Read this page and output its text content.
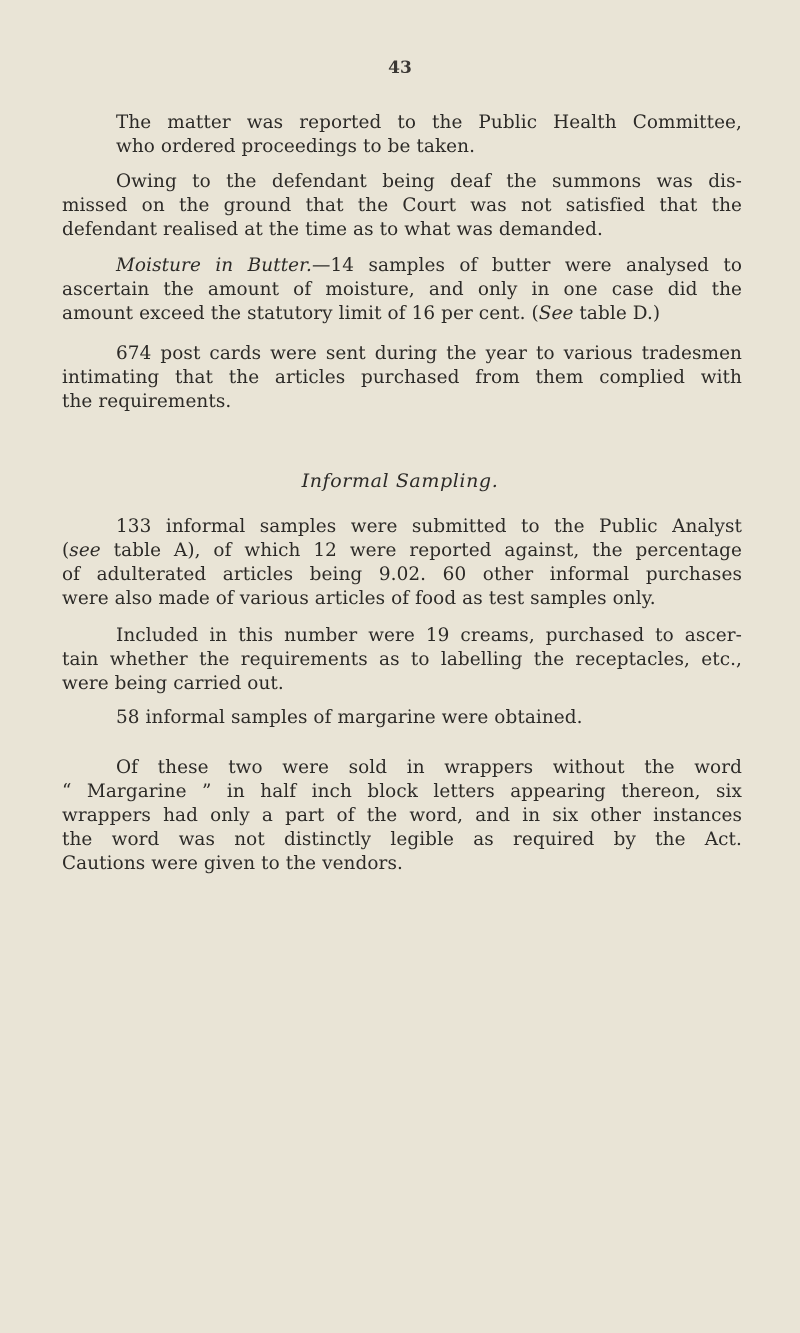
43
The matter was reported to the Public Health Committee,
who ordered proceedings to be taken.
Owing to the defendant being deaf the summons was dis-
missed on the ground that the Court was not satisfied that the
defendant realised at the time as to what was demanded.
Moisture in Butter.—14 samples of butter were analysed to
ascertain the amount of moisture, and only in one case did the
amount exceed the statutory limit of 16 per cent. (See table D.)
674 post cards were sent during the year to various tradesmen
intimating that the articles purchased from them complied with
the requirements.
Informal Sampling.
133 informal samples were submitted to the Public Analyst
(see table A), of which 12 were reported against, the percentage
of adulterated articles being 9.02. 60 other informal purchases
were also made of various articles of food as test samples only.
Included in this number were 19 creams, purchased to ascer-
tain whether the requirements as to labelling the receptacles, etc.,
were being carried out.
58 informal samples of margarine were obtained.
Of these two were sold in wrappers without the word
“ Margarine ” in half inch block letters appearing thereon, six
wrappers had only a part of the word, and in six other instances
the word was not distinctly legible as required by the Act.
Cautions were given to the vendors.
